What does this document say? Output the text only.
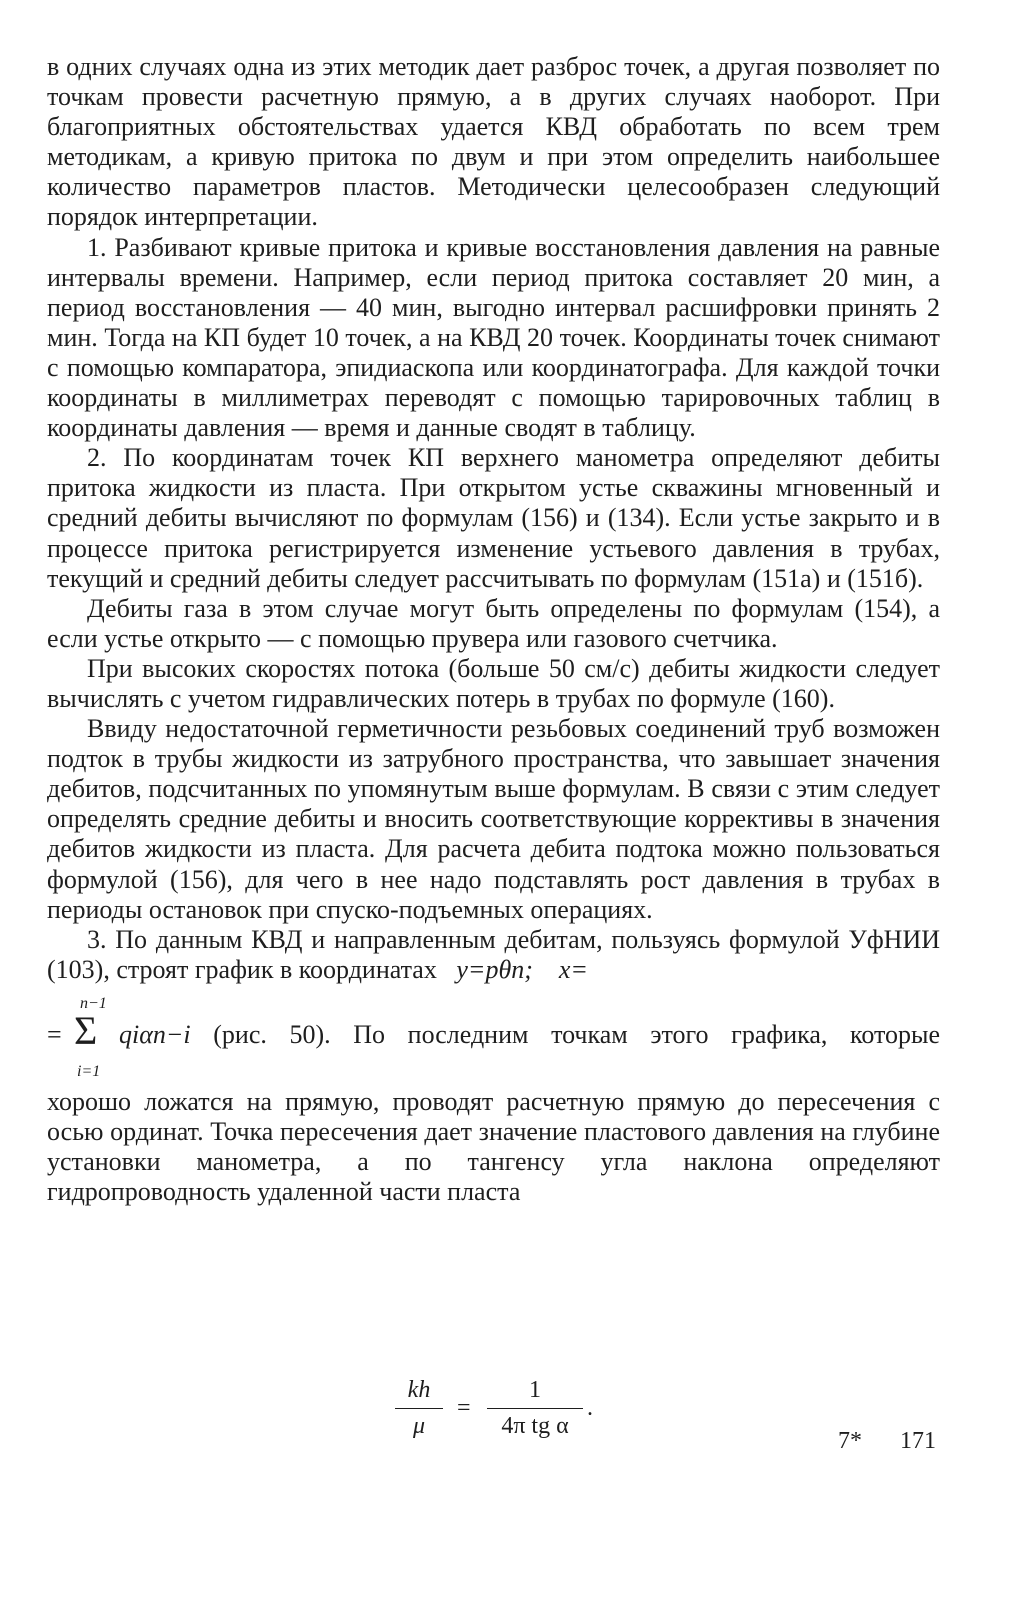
в одних случаях одна из этих методик дает разброс точек, а другая позволяет по точкам провести расчетную прямую, а в других случаях наоборот. При благоприятных обстоятельствах удается КВД обработать по всем трем методикам, а кривую притока по двум и при этом определить наибольшее количество параметров пластов. Методически целесообразен следующий порядок интерпретации.

1. Разбивают кривые притока и кривые восстановления давления на равные интервалы времени. Например, если период притока составляет 20 мин, а период восстановления — 40 мин, выгодно интервал расшифровки принять 2 мин. Тогда на КП будет 10 точек, а на КВД 20 точек. Координаты точек снимают с помощью компаратора, эпидиаскопа или координатографа. Для каждой точки координаты в миллиметрах переводят с помощью тарировочных таблиц в координаты давления — время и данные сводят в таблицу.

2. По координатам точек КП верхнего манометра определяют дебиты притока жидкости из пласта. При открытом устье скважины мгновенный и средний дебиты вычисляют по формулам (156) и (134). Если устье закрыто и в процессе притока регистрируется изменение устьевого давления в трубах, текущий и средний дебиты следует рассчитывать по формулам (151а) и (151б).

Дебиты газа в этом случае могут быть определены по формулам (154), а если устье открыто — с помощью прувера или газового счетчика.

При высоких скоростях потока (больше 50 см/с) дебиты жидкости следует вычислять с учетом гидравлических потерь в трубах по формуле (160).

Ввиду недостаточной герметичности резьбовых соединений труб возможен подток в трубы жидкости из затрубного пространства, что завышает значения дебитов, подсчитанных по упомянутым выше формулам. В связи с этим следует определять средние дебиты и вносить соответствующие коррективы в значения дебитов жидкости из пласта. Для расчета дебита подтока можно пользоваться формулой (156), для чего в нее надо подставлять рост давления в трубах в периоды остановок при спуско-подъемных операциях.

3. По данным КВД и направленным дебитам, пользуясь формулой УфНИИ (103), строят график в координатах y=pθn; x=

=
n−1
Σ
i=1
qiαn−i (рис. 50). По последним точкам этого графика, которые

хорошо ложатся на прямую, проводят расчетную прямую до пересечения с осью ординат. Точка пересечения дает значение пластового давления на глубине установки манометра, а по тангенсу угла наклона определяют гидропроводность удаленной части пласта

$\frac{kh}{\mu} = \frac{1}{\text{4π tg α}}$ .
7* 171
